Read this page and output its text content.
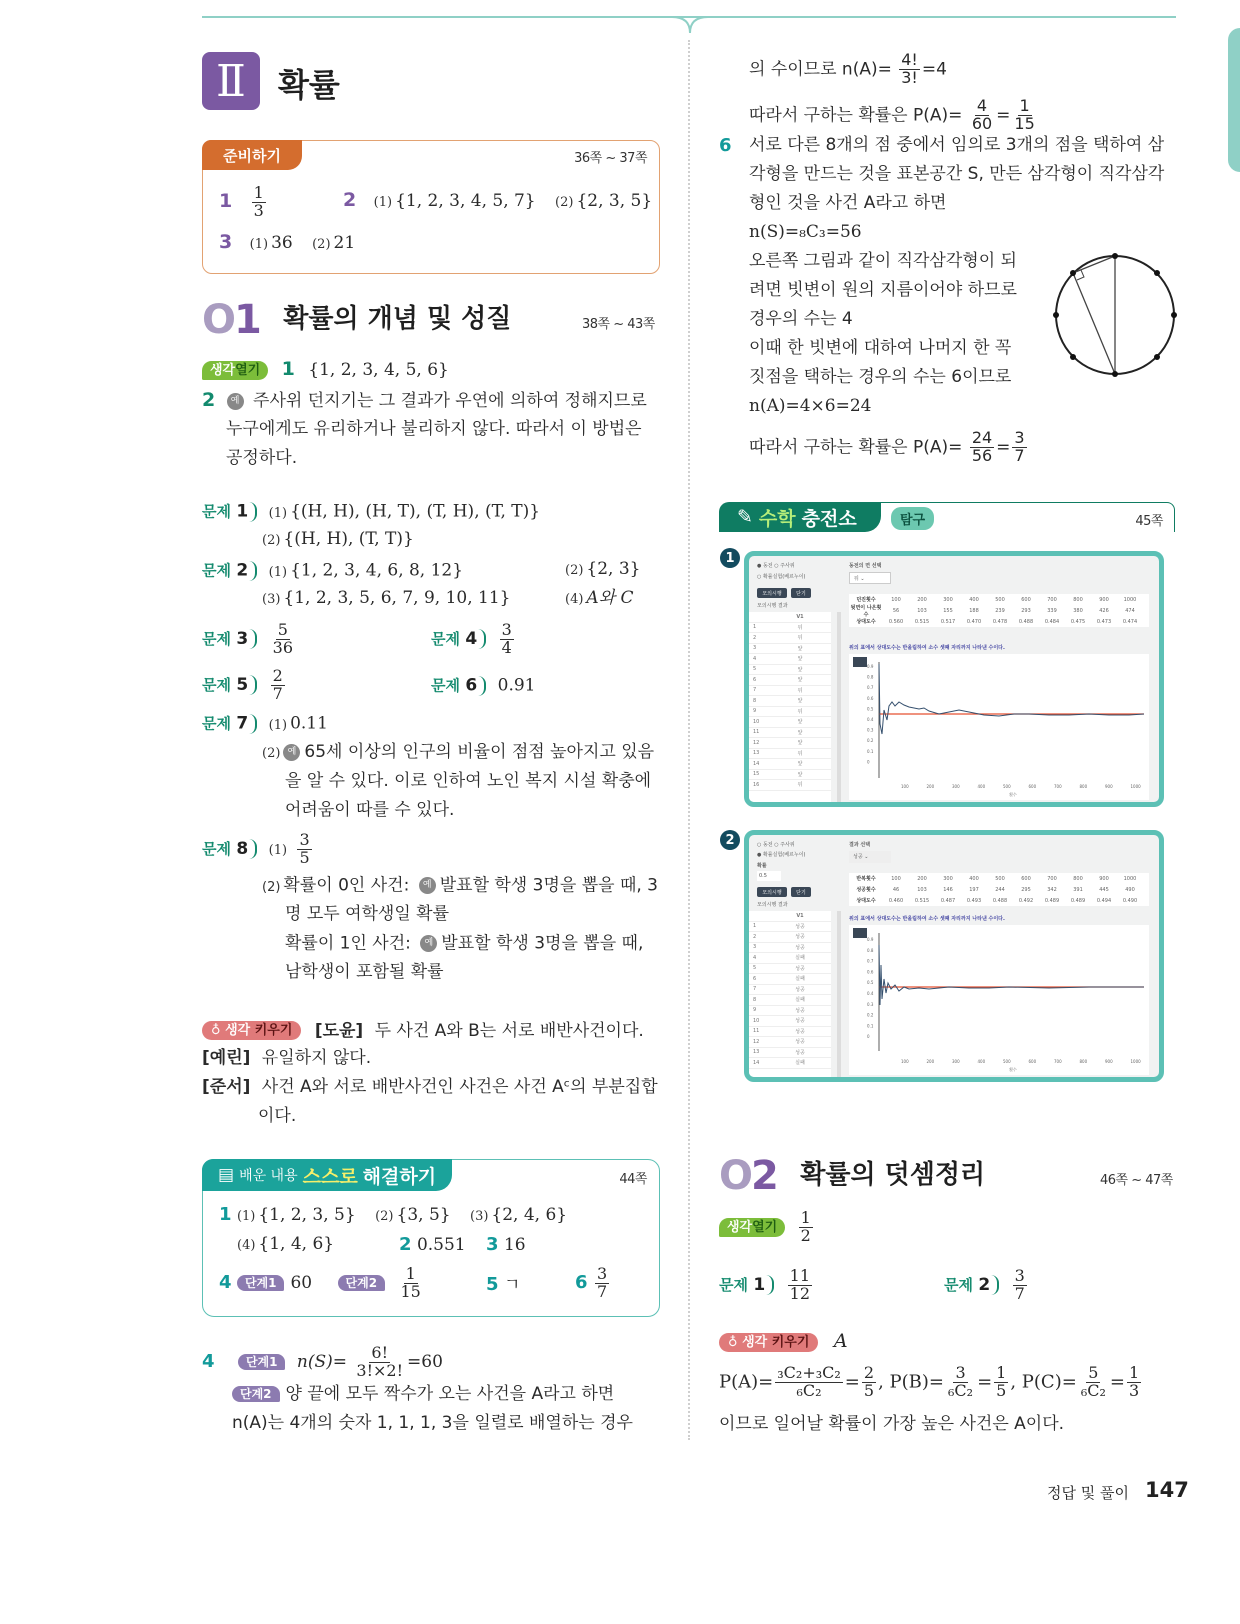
Ⅱ	확률
준비하기	36쪽 ~ 37쪽
$1 \frac{1}{3}$	2 (1) {1, 2, 3, 4, 5, 7} (2) {2, 3, 5}
3 (1) 36 (2) 21
O1 확률의 개념 및 성질	38쪽 ~ 43쪽
생각열기 1 {1, 2, 3, 4, 5, 6}
2 예 주사위 던지기는 그 결과가 우연에 의하여 정해지므로
누구에게도 유리하거나 불리하지 않다. 따라서 이 방법은
공정하다.
문제 1 (1) {(H, H), (H, T), (T, H), (T, T)}
(2) {(H, H), (T, T)}
문제 2 (1) {1, 2, 3, 4, 6, 8, 12}	(2) {2, 3}
(3) {1, 2, 3, 5, 6, 7, 9, 10, 11}	(4) A와 C
문제 $3 \frac{5}{36}$	문제 $4 \frac{3}{4}$
문제 $5 \frac{2}{7}$	문제 6 0.91
문제 7 (1) 0.11
(2) 예 65세 이상의 인구의 비율이 점점 높아지고 있음
을 알 수 있다. 이로 인하여 노인 복지 시설 확충에
어려움이 따를 수 있다.
문제 8 $(1) \frac{3}{5}$
(2) 확률이 0인 사건: 예 발표할 학생 3명을 뽑을 때, 3
명 모두 여학생일 확률
확률이 1인 사건: 예 발표할 학생 3명을 뽑을 때,
남학생이 포함될 확률
♁ 생각 키우기 [도윤] 두 사건 A와 B는 서로 배반사건이다.
[예린] 유일하지 않다.
[준서] 사건 A와 서로 배반사건인 사건은 사건 Aᶜ의 부분집합
이다.
▤ 배운 내용 스스로 해결하기	44쪽
1 (1) {1, 2, 3, 5} (2) {3, 5} (3) {2, 4, 6}
(4) {1, 4, 6}	2 0.551 3 16
4 단계1 60	단계$2 \frac{1}{15}$	5 ㄱ	$6 \frac{3}{7}$
4	단계1 $n(S)= \frac{6!}{3!\times 2!} =60$
단계2 양 끝에 모두 짝수가 오는 사건을 A라고 하면
n(A)는 4개의 숫자 1, 1, 1, 3을 일렬로 배열하는 경우
의 수이므로 $n(A)= \frac{4!}{3!} =4$
따라서 구하는 확률은 $P(A)= \frac{4}{60} = \frac{1}{15}$
6 서로 다른 8개의 점 중에서 임의로 3개의 점을 택하여 삼
각형을 만드는 것을 표본공간 S, 만든 삼각형이 직각삼각
형인 것을 사건 A라고 하면
n(S)=₈C₃=56
오른쪽 그림과 같이 직각삼각형이 되
려면 빗변이 원의 지름이어야 하므로
경우의 수는 4
이때 한 빗변에 대하여 나머지 한 꼭
짓점을 택하는 경우의 수는 6이므로
n(A)=4×6=24
따라서 구하는 확률은 $P(A)= \frac{24}{56} = \frac{3}{7}$
✎ 수학 충전소	탐구	45쪽
1
● 동전 ○ 주사위
○ 확률실험(베르누이)
모의시행	닫기
모의시행 결과
V1
1	뒤
2	뒤
3	앞
4	앞
5	앞
6	앞
7	뒤
8	앞
9	뒤
10	앞
11	앞
12	앞
13	뒤
14	앞
15	앞
16	뒤
동전의 면 선택
뒤 ⌄
던진횟수	100	200	300	400	500	600	700	800	900	1000
뒷면이 나온횟수
56	103	155	188	239	293	339	380	426	474
상대도수	0.560	0.515	0.517	0.470	0.478	0.488	0.484	0.475	0.473	0.474
위의 표에서 상대도수는 반올림하여 소수 셋째 자리까지 나타낸 수이다.
0.9
0.8
0.7
0.6
0.5
0.4
0.3
0.2
0.1
0
100	200	300	400	500	600	700	800	900	1000
횟수
2	○ 동전 ○ 주사위
● 확률실험(베르누이)
확률
0.5
모의시행	닫기
모의시행 결과
V1
1	성공
2	성공
3	성공
4	실패
5	성공
6	실패
7	성공
8	실패
9	성공
10	성공
11	성공
12	성공
13	성공
14	실패
결과 선택
성공 ⌄
반복횟수	100	200	300	400	500	600	700	800	900	1000
성공횟수	46	103	146	197	244	295	342	391	445	490
상대도수	0.460	0.515	0.487	0.493	0.488	0.492	0.489	0.489	0.494	0.490
위의 표에서 상대도수는 반올림하여 소수 셋째 자리까지 나타낸 수이다.
0.9
0.8
0.7
0.6
0.5
0.4
0.3
0.2
0.1
0
100	200	300	400	500	600	700	800	900	1000
횟수
O2 확률의 덧셈정리	46쪽 ~ 47쪽
생각열기 $\frac{1}{2}$
문제 $1 \frac{11}{12}$	문제 $2 \frac{3}{7}$
♁ 생각 키우기 A
$P(A)= \frac{\text{₃C₂+₃C₂}}{\text{₆C₂}} = \frac{2}{5}$ , $P(B)= \frac{3}{\text{₆C₂}} = \frac{1}{5}$ , $P(C)= \frac{5}{\text{₆C₂}} = \frac{1}{3}$
이므로 일어날 확률이 가장 높은 사건은 A이다.
정답 및 풀이 147
